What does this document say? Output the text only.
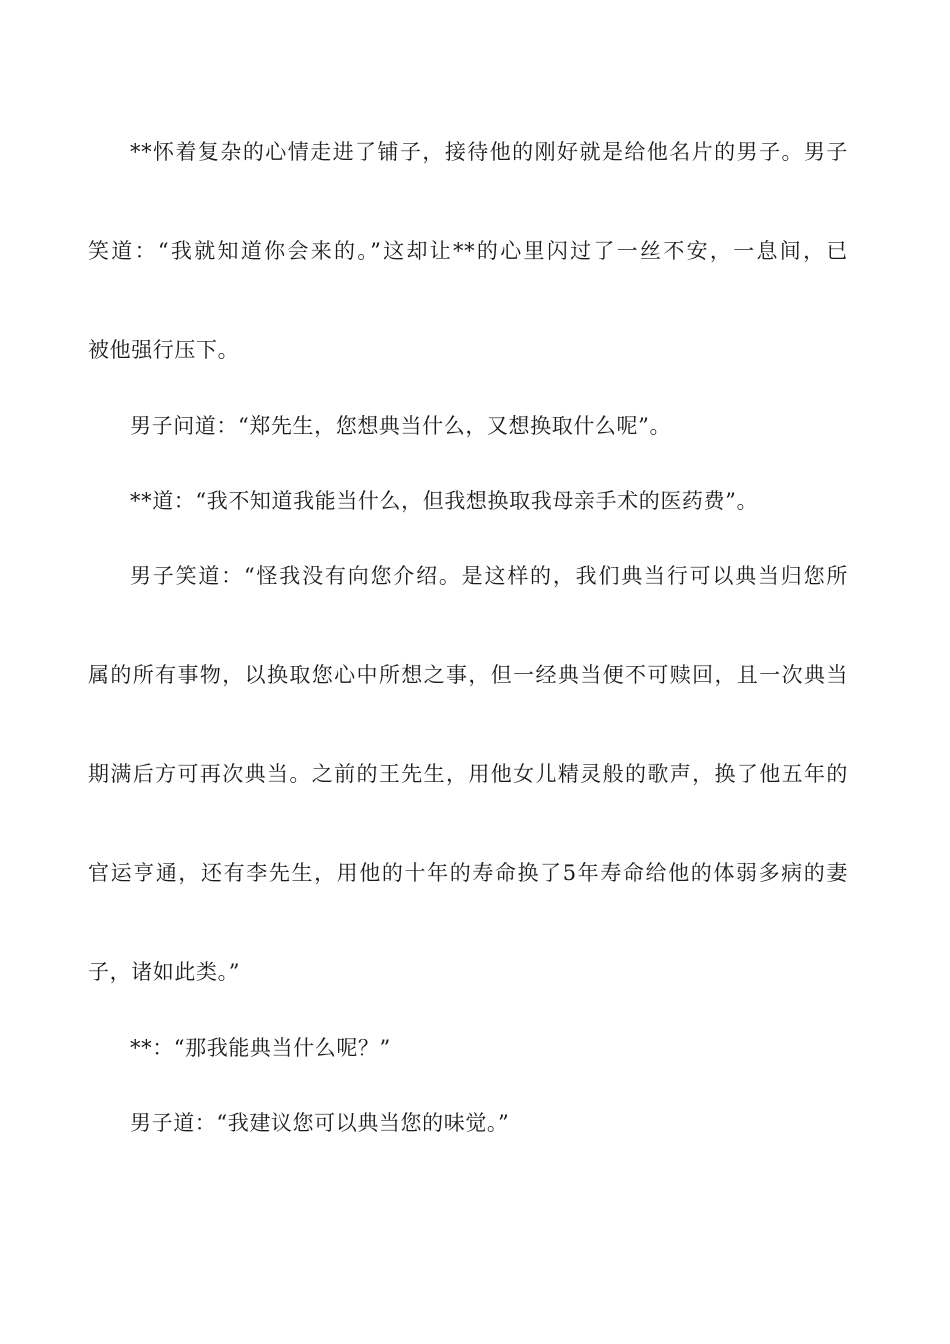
**怀着复杂的心情走进了铺子，接待他的刚好就是给他名片的男子。男子
笑道：“我就知道你会来的。”这却让**的心里闪过了一丝不安，一息间，已
被他强行压下。
男子问道：“郑先生，您想典当什么，又想换取什么呢”。
**道：“我不知道我能当什么，但我想换取我母亲手术的医药费”。
男子笑道：“怪我没有向您介绍。是这样的，我们典当行可以典当归您所
属的所有事物，以换取您心中所想之事，但一经典当便不可赎回，且一次典当
期满后方可再次典当。之前的王先生，用他女儿精灵般的歌声，换了他五年的
官运亨通，还有李先生，用他的十年的寿命换了5年寿命给他的体弱多病的妻
子，诸如此类。”
**：“那我能典当什么呢？”
男子道：“我建议您可以典当您的味觉。”
